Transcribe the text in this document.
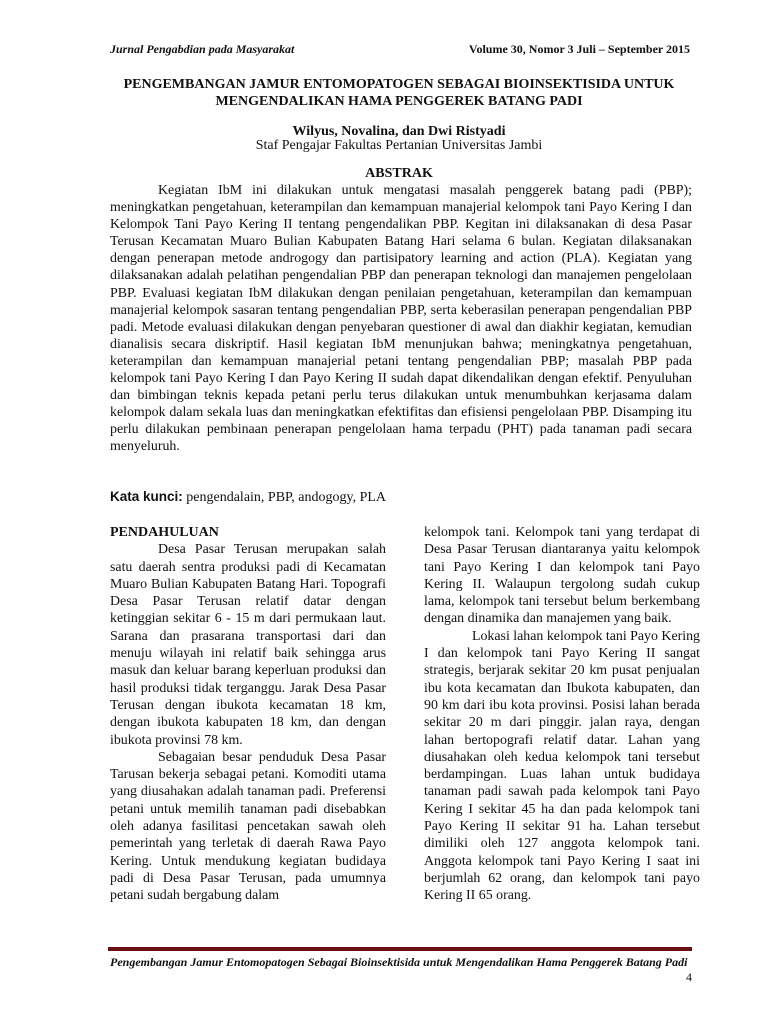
Jurnal Pengabdian pada Masyarakat	Volume 30, Nomor 3 Juli – September 2015
PENGEMBANGAN JAMUR ENTOMOPATOGEN SEBAGAI BIOINSEKTISIDA UNTUK MENGENDALIKAN HAMA PENGGEREK BATANG PADI
Wilyus, Novalina, dan Dwi Ristyadi
Staf Pengajar Fakultas Pertanian Universitas Jambi
ABSTRAK

Kegiatan IbM ini dilakukan untuk mengatasi masalah penggerek batang padi (PBP); meningkatkan pengetahuan, keterampilan dan kemampuan manajerial kelompok tani Payo Kering I dan Kelompok Tani Payo Kering II tentang pengendalikan PBP. Kegitan ini dilaksanakan di desa Pasar Terusan Kecamatan Muaro Bulian Kabupaten Batang Hari selama 6 bulan. Kegiatan dilaksanakan dengan penerapan metode androgogy dan partisipatory learning and action (PLA). Kegiatan yang dilaksanakan adalah pelatihan pengendalian PBP dan penerapan teknologi dan manajemen pengelolaan PBP. Evaluasi kegiatan IbM dilakukan dengan penilaian pengetahuan, keterampilan dan kemampuan manajerial kelompok sasaran tentang pengendalian PBP, serta keberasilan penerapan pengendalian PBP padi. Metode evaluasi dilakukan dengan penyebaran questioner di awal dan diakhir kegiatan, kemudian dianalisis secara diskriptif. Hasil kegiatan IbM menunjukan bahwa; meningkatnya pengetahuan, keterampilan dan kemampuan manajerial petani tentang pengendalian PBP; masalah PBP pada kelompok tani Payo Kering I dan Payo Kering II sudah dapat dikendalikan dengan efektif. Penyuluhan dan bimbingan teknis kepada petani perlu terus dilakukan untuk menumbuhkan kerjasama dalam kelompok dalam sekala luas dan meningkatkan efektifitas dan efisiensi pengelolaan PBP. Disamping itu perlu dilakukan pembinaan penerapan pengelolaan hama terpadu (PHT) pada tanaman padi secara menyeluruh.

Kata kunci: pengendalain, PBP, andogogy, PLA

PENDAHULUAN

Desa Pasar Terusan merupakan salah satu daerah sentra produksi padi di Kecamatan Muaro Bulian Kabupaten Batang Hari. Topografi Desa Pasar Terusan relatif datar dengan ketinggian sekitar 6 - 15 m dari permukaan laut. Sarana dan prasarana transportasi dari dan menuju wilayah ini relatif baik sehingga arus masuk dan keluar barang keperluan produksi dan hasil produksi tidak terganggu. Jarak Desa Pasar Terusan dengan ibukota kecamatan 18 km, dengan ibukota kabupaten 18 km, dan dengan ibukota provinsi 78 km.

Sebagaian besar penduduk Desa Pasar Tarusan bekerja sebagai petani. Komoditi utama yang diusahakan adalah tanaman padi. Preferensi petani untuk memilih tanaman padi disebabkan oleh adanya fasilitasi pencetakan sawah oleh pemerintah yang terletak di daerah Rawa Payo Kering. Untuk mendukung kegiatan budidaya padi di Desa Pasar Terusan, pada umumnya petani sudah bergabung dalam

kelompok tani. Kelompok tani yang terdapat di Desa Pasar Terusan diantaranya yaitu kelompok tani Payo Kering I dan kelompok tani Payo Kering II. Walaupun tergolong sudah cukup lama, kelompok tani tersebut belum berkembang dengan dinamika dan manajemen yang baik.

Lokasi lahan kelompok tani Payo Kering I dan kelompok tani Payo Kering II sangat strategis, berjarak sekitar 20 km pusat penjualan ibu kota kecamatan dan Ibukota kabupaten, dan 90 km dari ibu kota provinsi. Posisi lahan berada sekitar 20 m dari pinggir. jalan raya, dengan lahan bertopografi relatif datar. Lahan yang diusahakan oleh kedua kelompok tani tersebut berdampingan. Luas lahan untuk budidaya tanaman padi sawah pada kelompok tani Payo Kering I sekitar 45 ha dan pada kelompok tani Payo Kering II sekitar 91 ha. Lahan tersebut dimiliki oleh 127 anggota kelompok tani. Anggota kelompok tani Payo Kering I saat ini berjumlah 62 orang, dan kelompok tani payo Kering II 65 orang.

Pengembangan Jamur Entomopatogen Sebagai Bioinsektisida untuk Mengendalikan Hama Penggerek Batang Padi
4
